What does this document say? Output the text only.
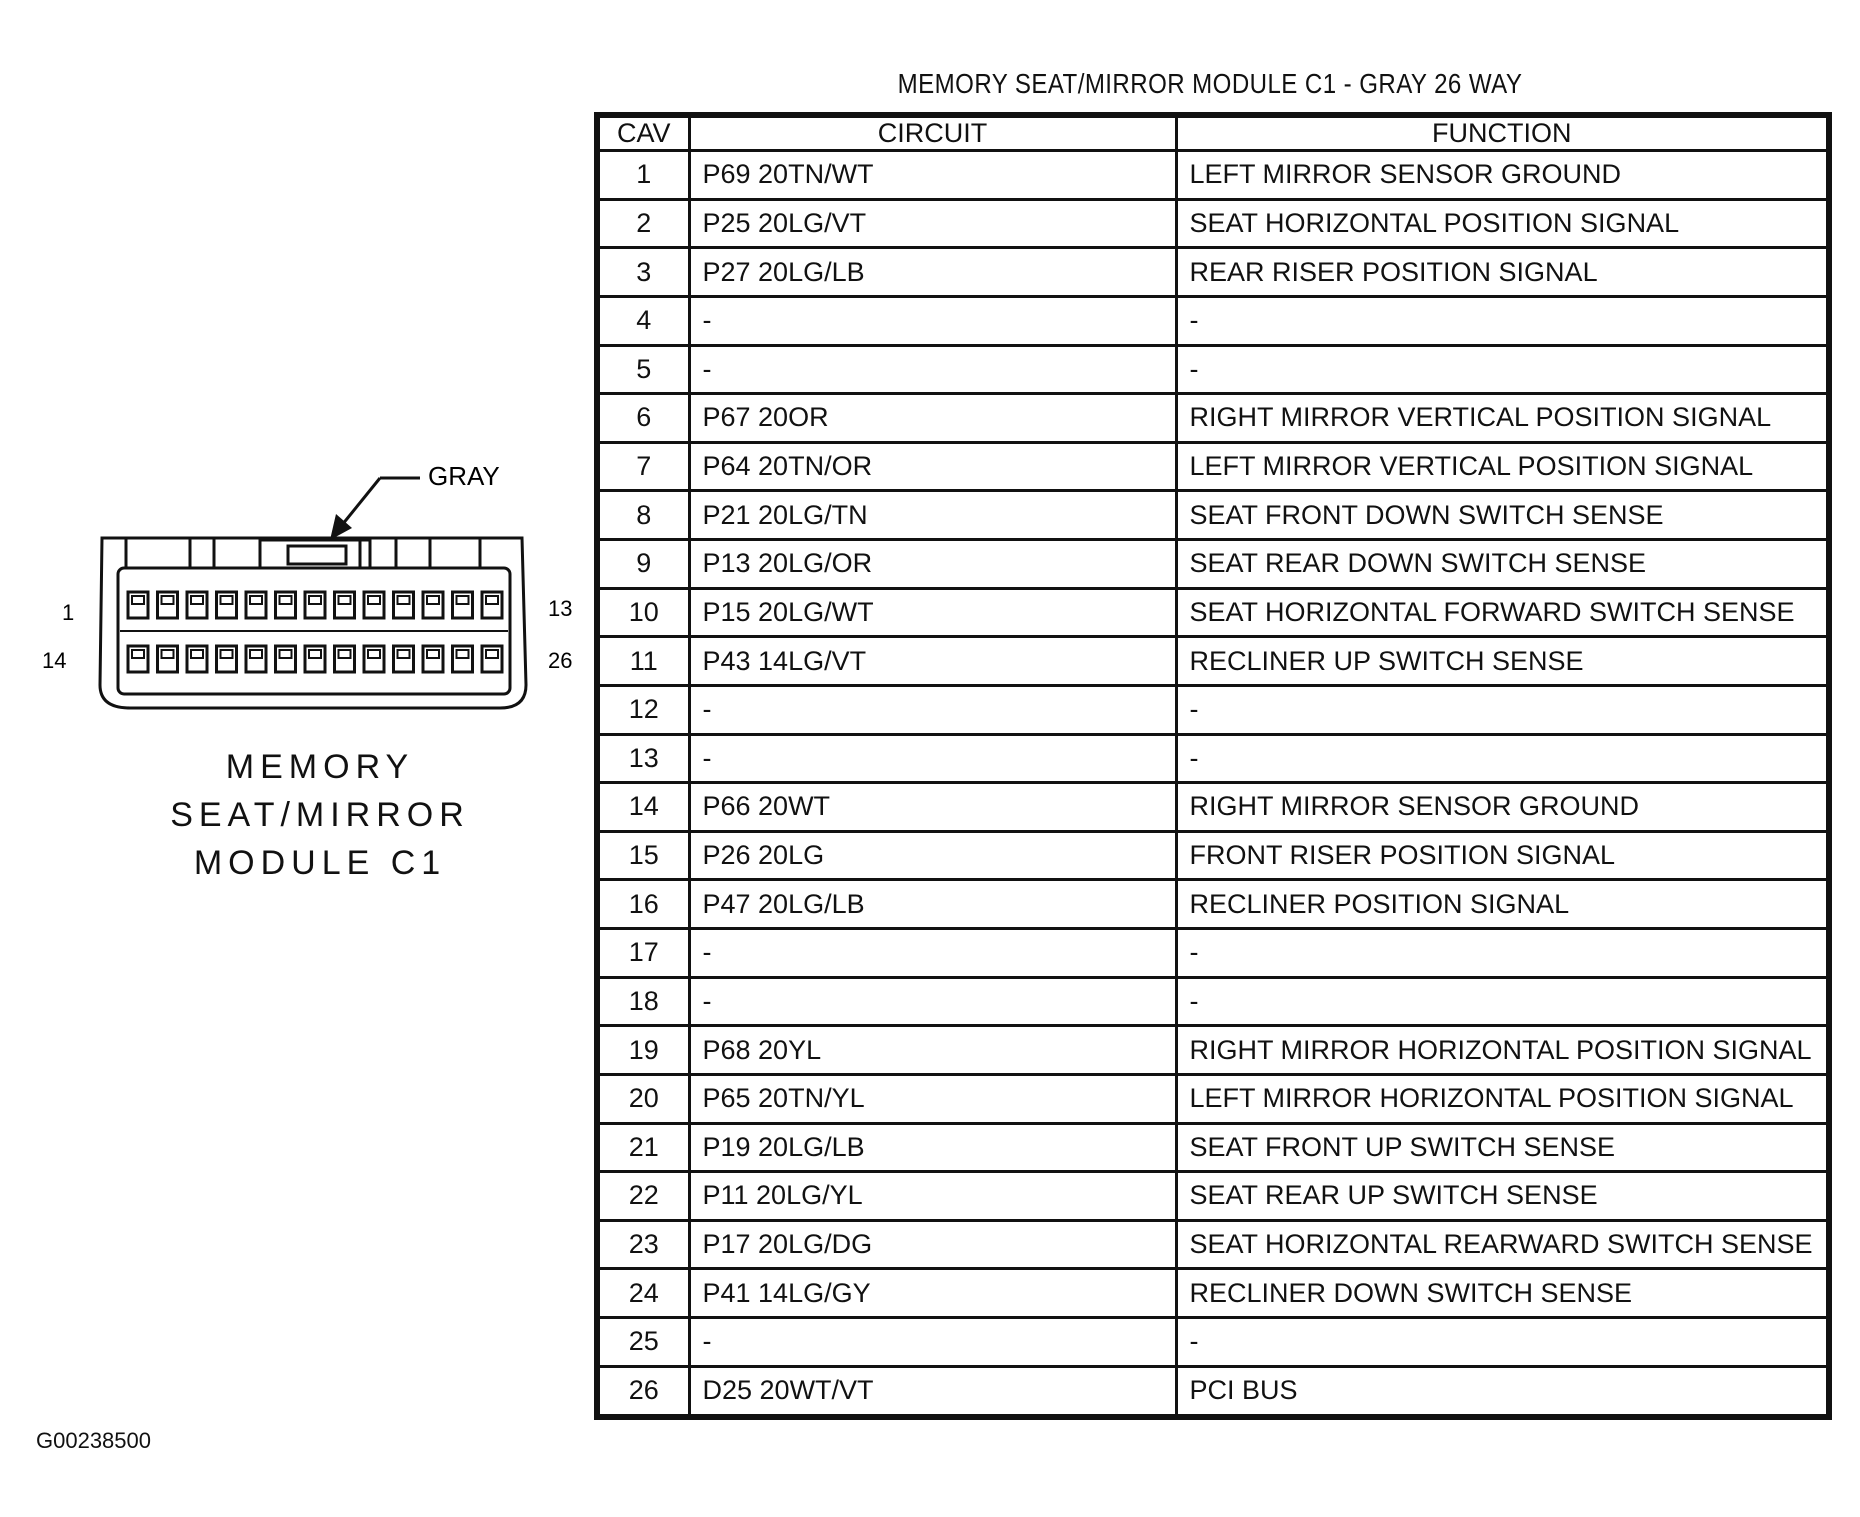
MEMORY SEAT/MIRROR MODULE C1 - GRAY 26 WAY
CAV	CIRCUIT	FUNCTION
1	P69 20TN/WT	LEFT MIRROR SENSOR GROUND
2	P25 20LG/VT	SEAT HORIZONTAL POSITION SIGNAL
3	P27 20LG/LB	REAR RISER POSITION SIGNAL
4	-	-
5	-	-
6	P67 20OR	RIGHT MIRROR VERTICAL POSITION SIGNAL
7	P64 20TN/OR	LEFT MIRROR VERTICAL POSITION SIGNAL
8	P21 20LG/TN	SEAT FRONT DOWN SWITCH SENSE
9	P13 20LG/OR	SEAT REAR DOWN SWITCH SENSE
10	P15 20LG/WT	SEAT HORIZONTAL FORWARD SWITCH SENSE
11	P43 14LG/VT	RECLINER UP SWITCH SENSE
12	-	-
13	-	-
14	P66 20WT	RIGHT MIRROR SENSOR GROUND
15	P26 20LG	FRONT RISER POSITION SIGNAL
16	P47 20LG/LB	RECLINER POSITION SIGNAL
17	-	-
18	-	-
19	P68 20YL	RIGHT MIRROR HORIZONTAL POSITION SIGNAL
20	P65 20TN/YL	LEFT MIRROR HORIZONTAL POSITION SIGNAL
21	P19 20LG/LB	SEAT FRONT UP SWITCH SENSE
22	P11 20LG/YL	SEAT REAR UP SWITCH SENSE
23	P17 20LG/DG	SEAT HORIZONTAL REARWARD SWITCH SENSE
24	P41 14LG/GY	RECLINER DOWN SWITCH SENSE
25	-	-
26	D25 20WT/VT	PCI BUS
GRAY
1	13
14	26
MEMORY
SEAT/MIRROR
MODULE C1
G00238500
